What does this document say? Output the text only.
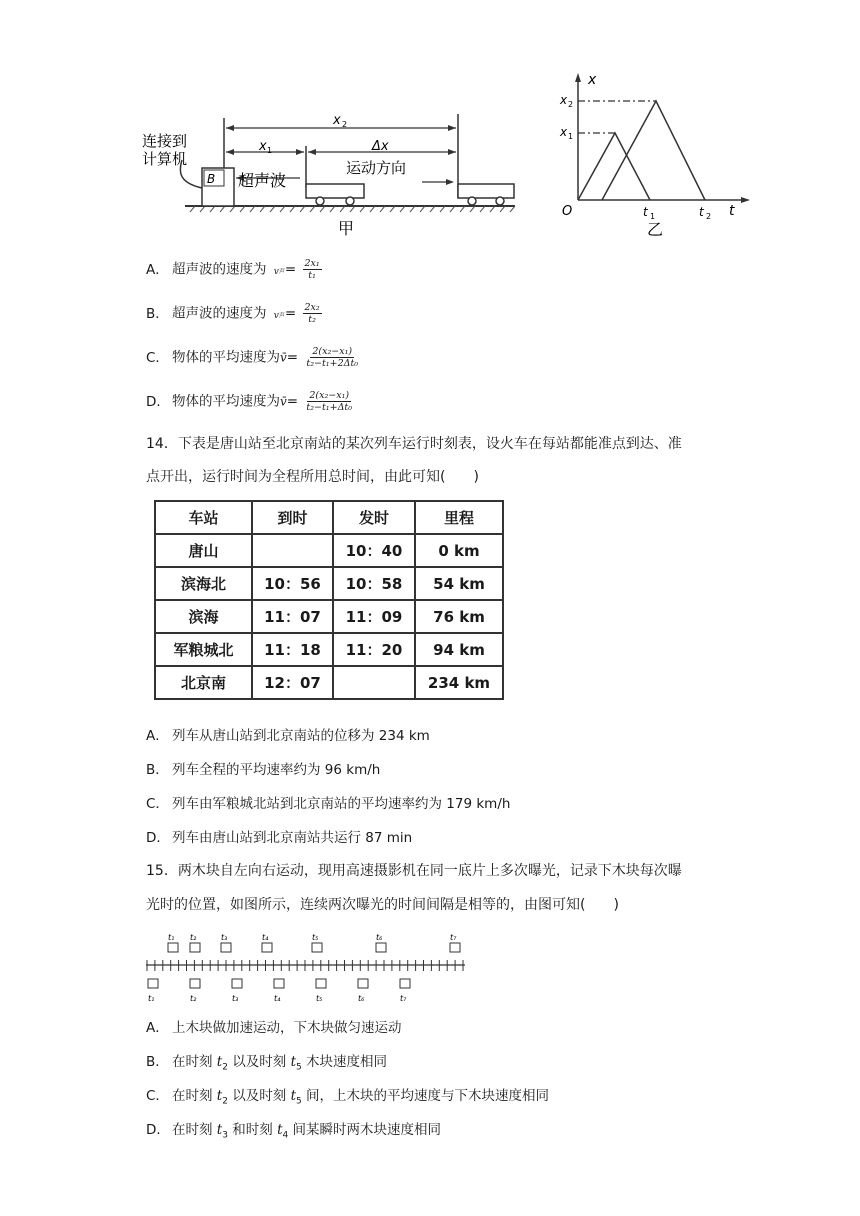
B
连接到
计算机
x 2
x 1	Δx
超声波
运动方向
甲
x
t
O
x 2
x 1
t 1	t 2
乙
A． 超声波的速度为 v声= $\frac{\text{2x₁}}{\text{t₁}}$
B． 超声波的速度为 v声= $\frac{\text{2x₂}}{\text{t₂}}$
C． 物体的平均速度为v̄= $\frac{\text{2(x₂−x₁)}}{\text{t₂−t₁+2Δt₀}}$
D． 物体的平均速度为v̄= $\frac{\text{2(x₂−x₁)}}{\text{t₂−t₁+Δt₀}}$
14．下表是唐山站至北京南站的某次列车运行时刻表，设火车在每站都能准点到达、准
点开出，运行时间为全程所用总时间，由此可知(　　)
车站	到时	发时	里程
唐山		10：40	0 km
滨海北	10：56	10：58	54 km
滨海	11：07	11：09	76 km
军粮城北	11：18	11：20	94 km
北京南	12：07		234 km
A． 列车从唐山站到北京南站的位移为 234 km
B． 列车全程的平均速率约为 96 km/h
C． 列车由军粮城北站到北京南站的平均速率约为 179 km/h
D． 列车由唐山站到北京南站共运行 87 min
15．两木块自左向右运动，现用高速摄影机在同一底片上多次曝光，记录下木块每次曝
光时的位置，如图所示，连续两次曝光的时间间隔是相等的，由图可知(　　)
t₁ t₂	t₃	t₄	t₅	t₆	t₇
t₁	t₂	t₃	t₄	t₅	t₆	t₇
A． 上木块做加速运动，下木块做匀速运动
B． 在时刻 $t_2$ 以及时刻 $t_5$ 木块速度相同
C． 在时刻 $t_2$ 以及时刻 $t_5$ 间，上木块的平均速度与下木块速度相同
D． 在时刻 $t_3$ 和时刻 $t_4$ 间某瞬时两木块速度相同
